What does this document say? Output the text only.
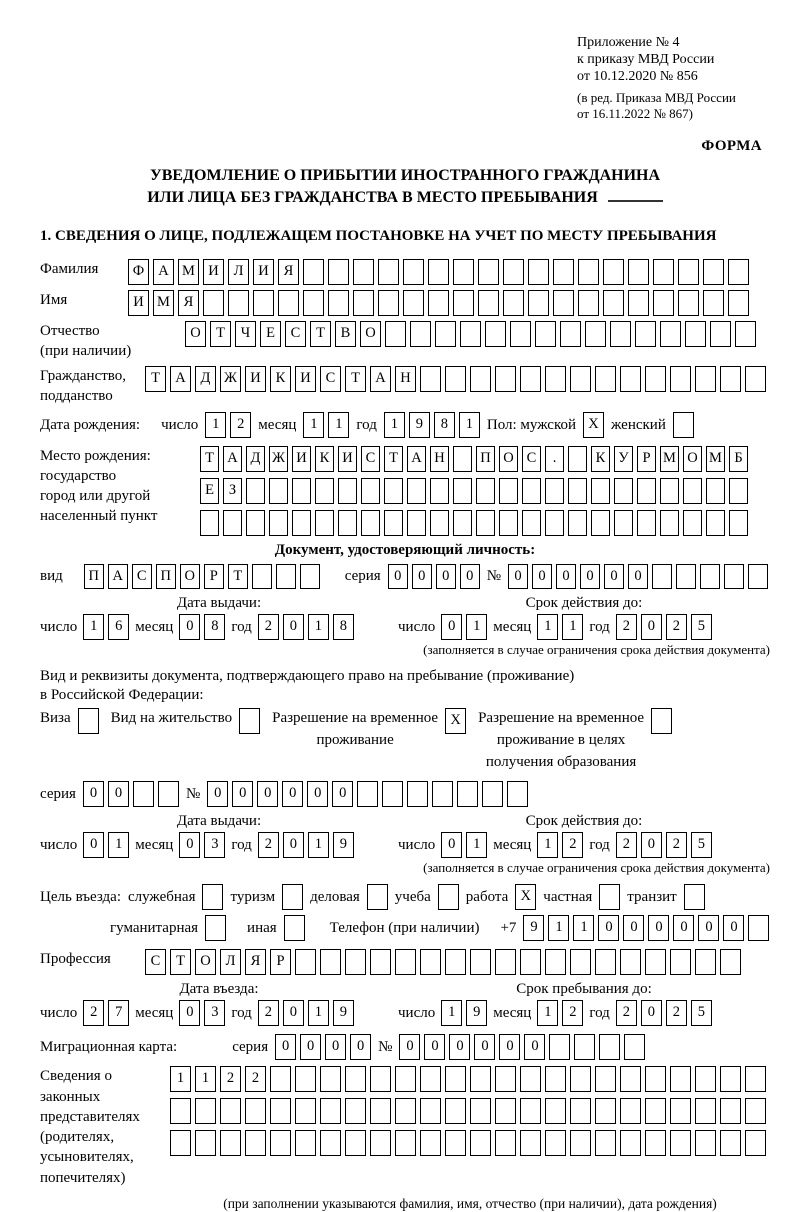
Приложение № 4
к приказу МВД России
от 10.12.2020 № 856
(в ред. Приказа МВД России
от 16.11.2022 № 867)
ФОРМА
УВЕДОМЛЕНИЕ О ПРИБЫТИИ ИНОСТРАННОГО ГРАЖДАНИНА
ИЛИ ЛИЦА БЕЗ ГРАЖДАНСТВА В МЕСТО ПРЕБЫВАНИЯ
1. СВЕДЕНИЯ О ЛИЦЕ, ПОДЛЕЖАЩЕМ ПОСТАНОВКЕ НА УЧЕТ ПО МЕСТУ ПРЕБЫВАНИЯ
Фамилия	Ф А М И	Л	И	Я
Имя	И М Я
Отчество
(при наличии)
О	Т	Ч	Е	С	Т	В	О
Гражданство,
подданство
Т	А	Д Ж И	К	И	С	Т	А	Н
Дата рождения: число 1	2 месяц 1	1 год 1	9	8	1 Пол: мужской X женский
Место рождения:
государство
город или другой
населенный пункт
Т А Д Ж И К И С Т А Н П О С	.	К У Р М О М Б
Е	З
Документ, удостоверяющий личность:
вид	П А С П О	Р	Т	серия 0	0	0	0 № 0	0	0	0	0	0
Дата выдачи:
число 1	6 месяц 0	8 год 2	0	1	8
Срок действия до:
число 0	1 месяц 1	1 год 2	0	2	5
(заполняется в случае ограничения срока действия документа)
Вид и реквизиты документа, подтверждающего право на пребывание (проживание)
в Российской Федерации:
Виза	Вид на жительство	Разрешение на временное
проживание
X	Разрешение на временное
проживание в целях
получения образования
серия 0	0	№ 0	0	0	0	0	0
Дата выдачи:
число 0	1 месяц 0	3 год 2	0	1	9
Срок действия до:
число 0	1 месяц 1	2 год 2	0	2	5
(заполняется в случае ограничения срока действия документа)
Цель въезда: служебная туризм деловая учеба работа X частная транзит
гуманитарная	иная	Телефон (при наличии) +7 9	1	1	0	0	0	0	0	0
Профессия	С	Т	О	Л	Я	Р
Дата въезда:
число 2	7 месяц 0	3 год 2	0	1	9
Срок пребывания до:
число 1	9 месяц 1	2 год 2	0	2	5
Миграционная карта:	серия 0	0	0	0 № 0	0	0	0	0	0
Сведения о
законных
представителях
(родителях,
усыновителях,
попечителях)
1	1	2	2
(при заполнении указываются фамилия, имя, отчество (при наличии), дата рождения)
